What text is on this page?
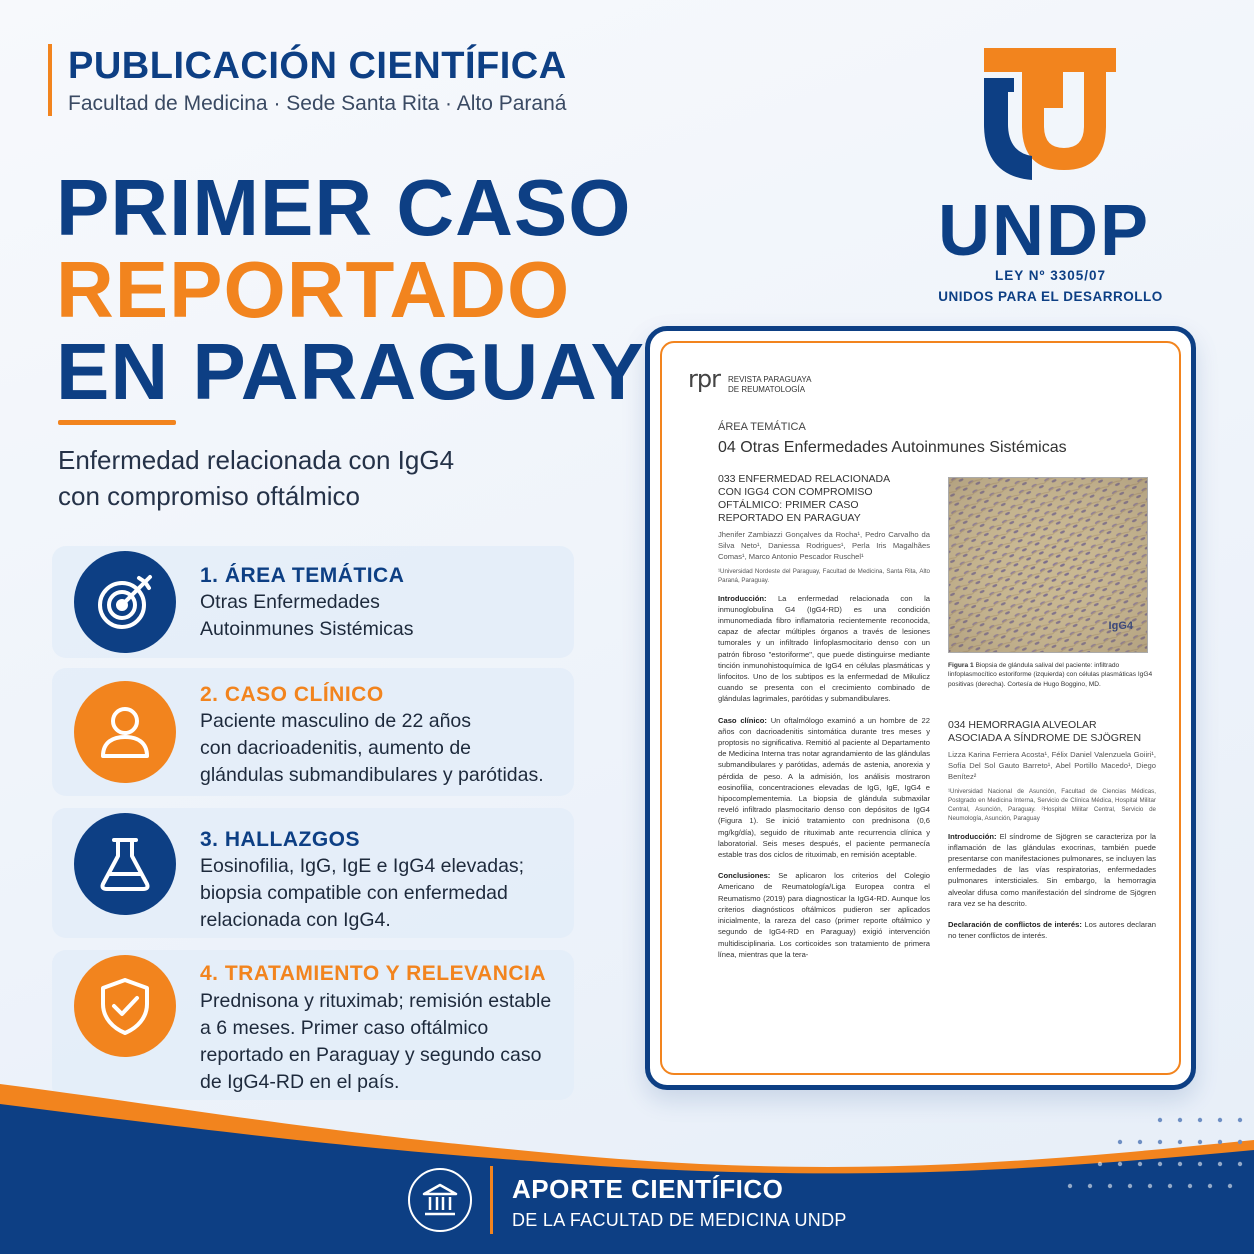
PUBLICACIÓN CIENTÍFICA
Facultad de Medicina · Sede Santa Rita · Alto Paraná
PRIMER CASO
REPORTADO
EN PARAGUAY
Enfermedad relacionada con IgG4
con compromiso oftálmico
1. ÁREA TEMÁTICA
Otras Enfermedades
Autoinmunes Sistémicas
2. CASO CLÍNICO
Paciente masculino de 22 años
con dacrioadenitis, aumento de
glándulas submandibulares y parótidas.
3. HALLAZGOS
Eosinofilia, IgG, IgE e IgG4 elevadas;
biopsia compatible con enfermedad
relacionada con IgG4.
4. TRATAMIENTO Y RELEVANCIA
Prednisona y rituximab; remisión estable
a 6 meses. Primer caso oftálmico
reportado en Paraguay y segundo caso
de IgG4-RD en el país.
UNDP
LEY Nº 3305/07
UNIDOS PARA EL DESARROLLO
rpr REVISTA PARAGUAYA
DE REUMATOLOGÍA
ÁREA TEMÁTICA
04 Otras Enfermedades Autoinmunes Sistémicas
033 ENFERMEDAD RELACIONADA
CON IGG4 CON COMPROMISO
OFTÁLMICO: PRIMER CASO
REPORTADO EN PARAGUAY
Jhenifer Zambiazzi Gonçalves da Rocha¹, Pedro Carvalho da Silva Neto¹, Daniessa Rodrigues¹, Perla Iris Magalhães Comas¹, Marco Antonio Pescador Ruschel¹
¹Universidad Nordeste del Paraguay, Facultad de Medicina, Santa Rita, Alto Paraná, Paraguay.

Introducción: La enfermedad relacionada con la inmunoglobulina G4 (IgG4-RD) es una condición inmunomediada fibro inflamatoria recientemente reconocida, capaz de afectar múltiples órganos a través de lesiones tumorales y un infiltrado linfoplasmocitario denso con un patrón fibroso "estoriforme", que puede distinguirse mediante tinción inmunohistoquímica de IgG4 en células plasmáticas y linfocitos. Uno de los subtipos es la enfermedad de Mikulicz cuando se presenta con el crecimiento combinado de glándulas lagrimales, parótidas y submandibulares.

Caso clínico: Un oftalmólogo examinó a un hombre de 22 años con dacrioadenitis sintomática durante tres meses y proptosis no significativa. Remitió al paciente al Departamento de Medicina Interna tras notar agrandamiento de las glándulas submandibulares y parótidas, además de astenia, anorexia y pérdida de peso. A la admisión, los análisis mostraron eosinofilia, concentraciones elevadas de IgG, IgE, IgG4 e hipocomplementemia. La biopsia de glándula submaxilar reveló infiltrado plasmocitario denso con depósitos de IgG4 (Figura 1). Se inició tratamiento con prednisona (0,6 mg/kg/día), seguido de rituximab ante recurrencia clínica y laboratorial. Seis meses después, el paciente permanecía estable tras dos ciclos de rituximab, en remisión aceptable.

Conclusiones: Se aplicaron los criterios del Colegio Americano de Reumatología/Liga Europea contra el Reumatismo (2019) para diagnosticar la IgG4-RD. Aunque los criterios diagnósticos oftálmicos pudieron ser aplicados inicialmente, la rareza del caso (primer reporte oftálmico y segundo de IgG4-RD en Paraguay) exigió intervención multidisciplinaria. Los corticoides son tratamiento de primera línea, mientras que la tera-

IgG4
Figura 1 Biopsia de glándula salival del paciente: infiltrado linfoplasmocítico estoriforme (izquierda) con células plasmáticas IgG4 positivas (derecha). Cortesía de Hugo Boggino, MD.
034 HEMORRAGIA ALVEOLAR
ASOCIADA A SÍNDROME DE SJÖGREN
Lizza Karina Ferriera Acosta¹, Félix Daniel Valenzuela Goiiri¹, Sofía Del Sol Gauto Barreto¹, Abel Portillo Macedo¹, Diego Benítez²
¹Universidad Nacional de Asunción, Facultad de Ciencias Médicas, Postgrado en Medicina Interna, Servicio de Clínica Médica, Hospital Militar Central, Asunción, Paraguay. ²Hospital Militar Central, Servicio de Neumología, Asunción, Paraguay

Introducción: El síndrome de Sjögren se caracteriza por la inflamación de las glándulas exocrinas, también puede presentarse con manifestaciones pulmonares, se incluyen las enfermedades de las vías respiratorias, enfermedades pulmonares intersticiales. Sin embargo, la hemorragia alveolar difusa como manifestación del síndrome de Sjögren rara vez se ha descrito.

Declaración de conflictos de interés: Los autores declaran no tener conflictos de interés.

APORTE CIENTÍFICO
DE LA FACULTAD DE MEDICINA UNDP
